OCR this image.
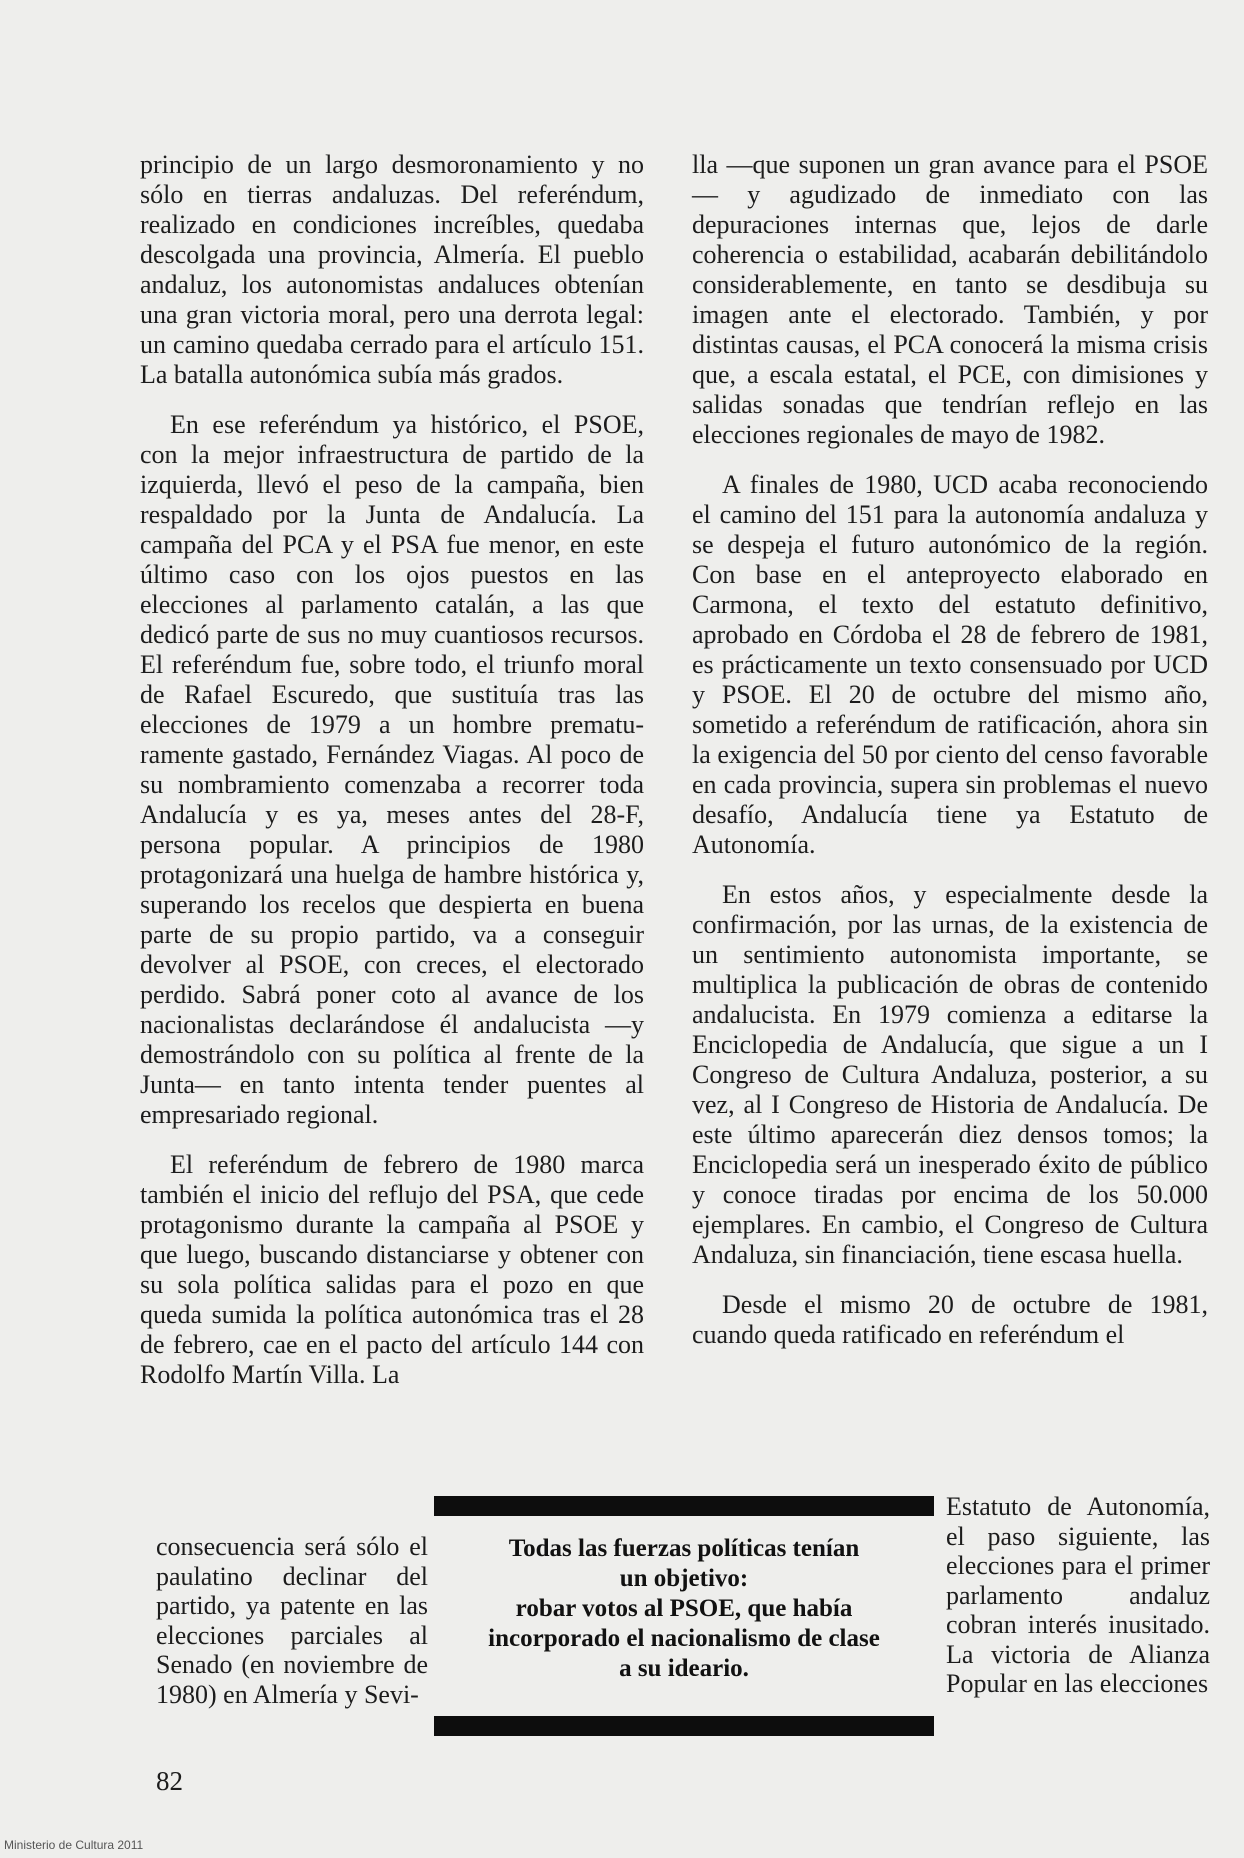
principio de un largo desmoronamiento y no sólo en tierras andaluzas. Del referéndum, realizado en condiciones increíbles, quedaba descolgada una provincia, Almería. El pueblo andaluz, los autonomistas andaluces obtenían una gran victoria moral, pero una derrota legal: un camino quedaba cerrado para el artículo 151. La batalla autonómica subía más grados.

En ese referéndum ya histórico, el PSOE, con la mejor infraestructura de partido de la izquierda, llevó el peso de la campaña, bien respaldado por la Junta de Andalucía. La campaña del PCA y el PSA fue menor, en este último caso con los ojos puestos en las elecciones al parlamento catalán, a las que dedicó parte de sus no muy cuantiosos recursos. El referéndum fue, sobre todo, el triunfo moral de Rafael Escuredo, que sustituía tras las elecciones de 1979 a un hombre prematuramente gastado, Fernández Viagas. Al poco de su nombramiento comenzaba a recorrer toda Andalucía y es ya, meses antes del 28-F, persona popular. A principios de 1980 protagonizará una huelga de hambre histórica y, superando los recelos que despierta en buena parte de su propio partido, va a conseguir devolver al PSOE, con creces, el electorado perdido. Sabrá poner coto al avance de los nacionalistas declarándose él andalucista —y demostrándolo con su política al frente de la Junta— en tanto intenta tender puentes al empresariado regional.

El referéndum de febrero de 1980 marca también el inicio del reflujo del PSA, que cede protagonismo durante la campaña al PSOE y que luego, buscando distanciarse y obtener con su sola política salidas para el pozo en que queda sumida la política autonómica tras el 28 de febrero, cae en el pacto del artículo 144 con Rodolfo Martín Villa. La

consecuencia será sólo el paulatino declinar del partido, ya patente en las elecciones parciales al Senado (en noviembre de 1980) en Almería y Sevi-

lla —que suponen un gran avance para el PSOE— y agudizado de inmediato con las depuraciones internas que, lejos de darle coherencia o estabilidad, acabarán debilitándolo considerablemente, en tanto se desdibuja su imagen ante el electorado. También, y por distintas causas, el PCA conocerá la misma crisis que, a escala estatal, el PCE, con dimisiones y salidas sonadas que tendrían reflejo en las elecciones regionales de mayo de 1982.

A finales de 1980, UCD acaba reconociendo el camino del 151 para la autonomía andaluza y se despeja el futuro autonómico de la región. Con base en el anteproyecto elaborado en Carmona, el texto del estatuto definitivo, aprobado en Córdoba el 28 de febrero de 1981, es prácticamente un texto consensuado por UCD y PSOE. El 20 de octubre del mismo año, sometido a referéndum de ratificación, ahora sin la exigencia del 50 por ciento del censo favorable en cada provincia, supera sin problemas el nuevo desafío, Andalucía tiene ya Estatuto de Autonomía.

En estos años, y especialmente desde la confirmación, por las urnas, de la existencia de un sentimiento autonomista importante, se multiplica la publicación de obras de contenido andalucista. En 1979 comienza a editarse la Enciclopedia de Andalucía, que sigue a un I Congreso de Cultura Andaluza, posterior, a su vez, al I Congreso de Historia de Andalucía. De este último aparecerán diez densos tomos; la Enciclopedia será un inesperado éxito de público y conoce tiradas por encima de los 50.000 ejemplares. En cambio, el Congreso de Cultura Andaluza, sin financiación, tiene escasa huella.

Desde el mismo 20 de octubre de 1981, cuando queda ratificado en referéndum el

Estatuto de Autonomía, el paso siguiente, las elecciones para el primer parlamento andaluz cobran interés inusitado. La victoria de Alianza Popular en las elecciones
Todas las fuerzas políticas tenían
un objetivo:
robar votos al PSOE, que había
incorporado el nacionalismo de clase
a su ideario.
82
Ministerio de Cultura 2011
